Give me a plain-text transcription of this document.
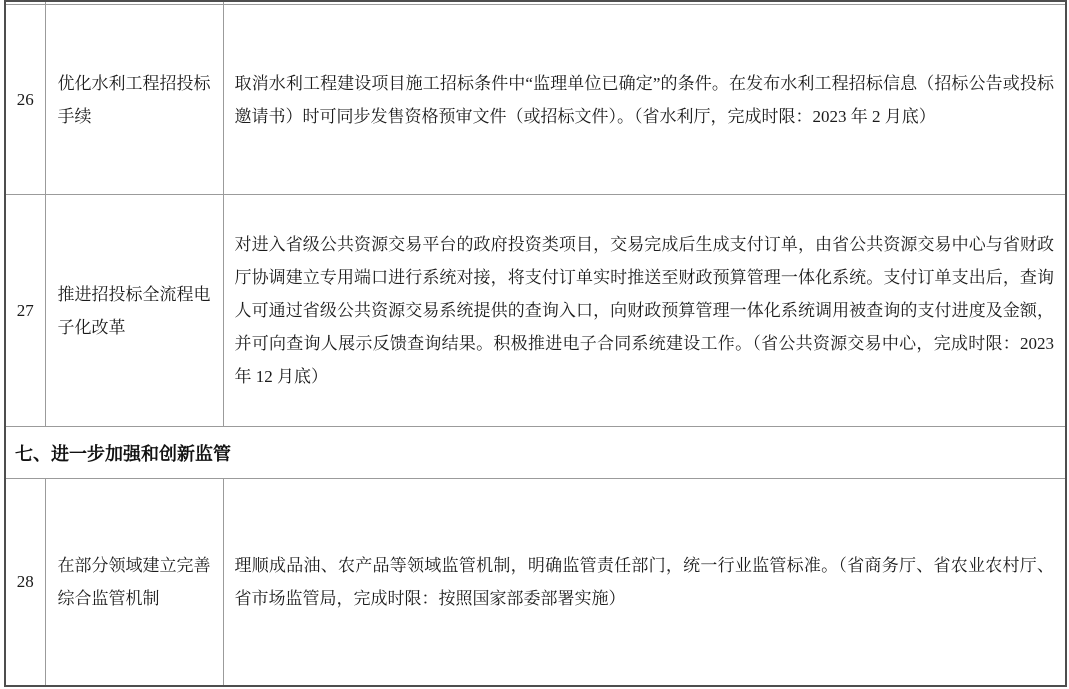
26	优化水利工程招投标手续	取消水利工程建设项目施工招标条件中“监理单位已确定”的条件。在发布水利工程招标信息（招标公告或投标邀请书）时可同步发售资格预审文件（或招标文件）。（省水利厅，完成时限：2023 年 2 月底）
27	推进招投标全流程电子化改革	对进入省级公共资源交易平台的政府投资类项目，交易完成后生成支付订单，由省公共资源交易中心与省财政厅协调建立专用端口进行系统对接，将支付订单实时推送至财政预算管理一体化系统。支付订单支出后，查询人可通过省级公共资源交易系统提供的查询入口，向财政预算管理一体化系统调用被查询的支付进度及金额，并可向查询人展示反馈查询结果。积极推进电子合同系统建设工作。（省公共资源交易中心，完成时限：2023 年 12 月底）
七、进一步加强和创新监管		
28	在部分领域建立完善综合监管机制	理顺成品油、农产品等领域监管机制，明确监管责任部门，统一行业监管标准。（省商务厅、省农业农村厅、省市场监管局，完成时限：按照国家部委部署实施）
